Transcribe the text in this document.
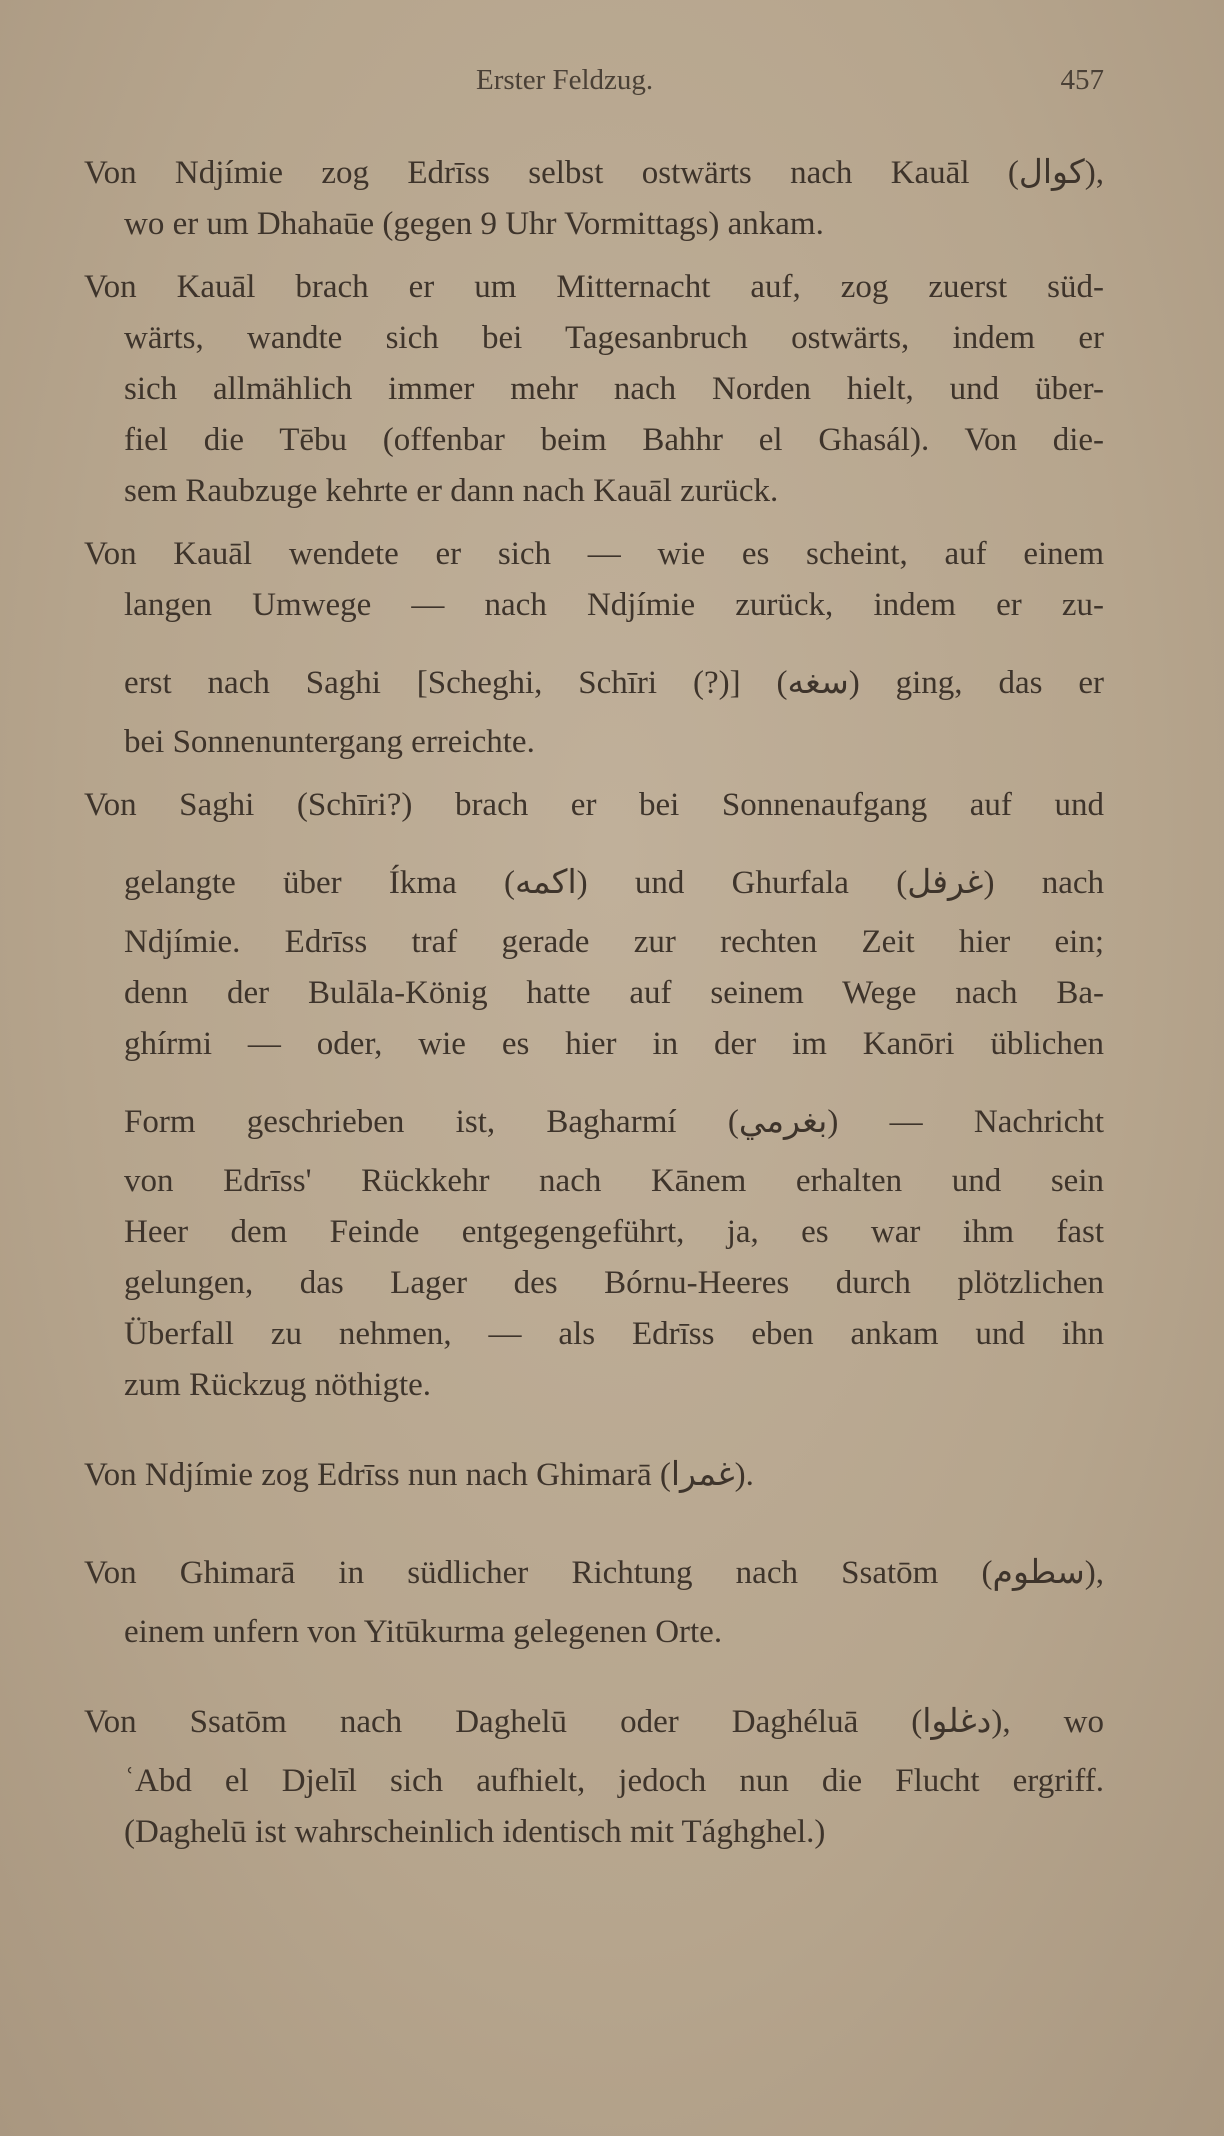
Erster Feldzug.	457
Von Ndjímie zog Edrīss selbst ostwärts nach Kauāl (كوال),
wo er um Dhahaūe (gegen 9 Uhr Vormittags) ankam.
Von Kauāl brach er um Mitternacht auf, zog zuerst süd-
wärts, wandte sich bei Tagesanbruch ostwärts, indem er
sich allmählich immer mehr nach Norden hielt, und über-
fiel die Tēbu (offenbar beim Bahhr el Ghasál). Von die-
sem Raubzuge kehrte er dann nach Kauāl zurück.
Von Kauāl wendete er sich — wie es scheint, auf einem
langen Umwege — nach Ndjímie zurück, indem er zu-
erst nach Saghi [Scheghi, Schīri (?)] (سغه) ging, das er
bei Sonnenuntergang erreichte.
Von Saghi (Schīri?) brach er bei Sonnenaufgang auf und
gelangte über Íkma (اكمه) und Ghurfala (غرفل) nach
Ndjímie. Edrīss traf gerade zur rechten Zeit hier ein;
denn der Bulāla-König hatte auf seinem Wege nach Ba-
ghírmi — oder, wie es hier in der im Kanōri üblichen
Form geschrieben ist, Bagharmí (بغرمي) — Nachricht
von Edrīss' Rückkehr nach Kānem erhalten und sein
Heer dem Feinde entgegengeführt, ja, es war ihm fast
gelungen, das Lager des Bórnu-Heeres durch plötzlichen
Überfall zu nehmen, — als Edrīss eben ankam und ihn
zum Rückzug nöthigte.
Von Ndjímie zog Edrīss nun nach Ghimarā (غمرا).
Von Ghimarā in südlicher Richtung nach Ssatōm (سطوم),
einem unfern von Yitūkurma gelegenen Orte.
Von Ssatōm nach Daghelū oder Daghéluā (دغلوا), wo
ʿAbd el Djelīl sich aufhielt, jedoch nun die Flucht ergriff.
(Daghelū ist wahrscheinlich identisch mit Tághghel.)
